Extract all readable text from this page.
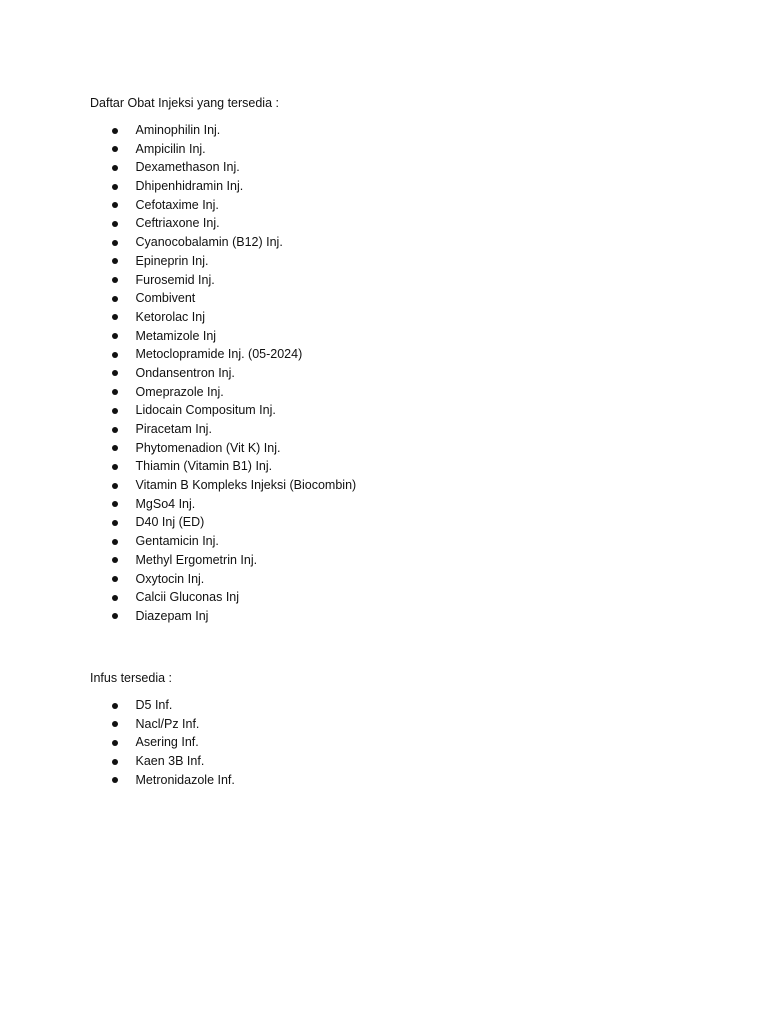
Daftar Obat Injeksi yang tersedia :
Aminophilin Inj.
Ampicilin Inj.
Dexamethason Inj.
Dhipenhidramin Inj.
Cefotaxime Inj.
Ceftriaxone Inj.
Cyanocobalamin (B12) Inj.
Epineprin Inj.
Furosemid Inj.
Combivent
Ketorolac Inj
Metamizole Inj
Metoclopramide Inj. (05-2024)
Ondansentron Inj.
Omeprazole Inj.
Lidocain Compositum Inj.
Piracetam Inj.
Phytomenadion (Vit K) Inj.
Thiamin (Vitamin B1) Inj.
Vitamin B Kompleks Injeksi (Biocombin)
MgSo4 Inj.
D40 Inj (ED)
Gentamicin Inj.
Methyl Ergometrin Inj.
Oxytocin Inj.
Calcii Gluconas Inj
Diazepam Inj
Infus tersedia :
D5 Inf.
Nacl/Pz Inf.
Asering Inf.
Kaen 3B Inf.
Metronidazole Inf.
